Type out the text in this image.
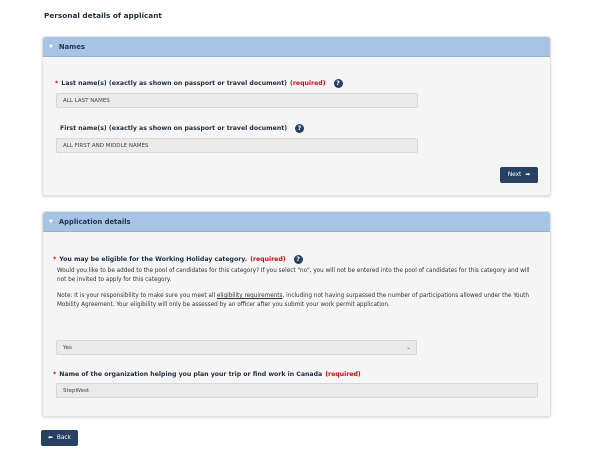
Personal details of applicant
▼ Names
* Last name(s) (exactly as shown on passport or travel document) (required)	?
ALL LAST NAMES
First name(s) (exactly as shown on passport or travel document)	?
ALL FIRST AND MIDDLE NAMES
Next ➡
▼ Application details
* You may be eligible for the Working Holiday category. (required)	?
Would you like to be added to the pool of candidates for this category? If you select "no", you will not be entered into the pool of candidates for this category and will not be invited to apply for this category.
Note: It is your responsibility to make sure you meet all eligibility requirements, including not having surpassed the number of participations allowed under the Youth Mobility Agreement. Your eligibility will only be assessed by an officer after you submit your work permit application.
Yes	⌄
* Name of the organization helping you plan your trip or find work in Canada (required)
StepWest
⬅ Back
